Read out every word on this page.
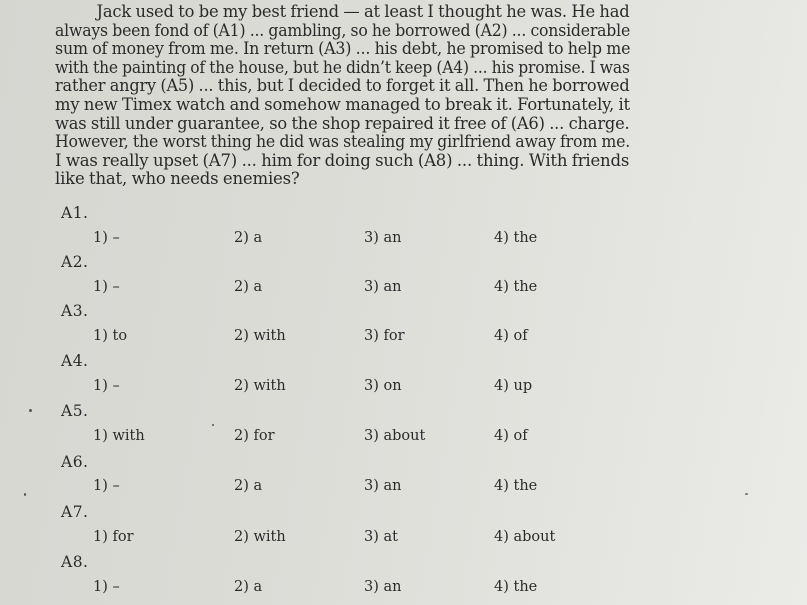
Jack used to be my best friend — at least I thought he was. He had
always been fond of (A1) ... gambling, so he borrowed (A2) ... considerable
sum of money from me. In return (A3) ... his debt, he promised to help me
with the painting of the house, but he didn’t keep (A4) ... his promise. I was
rather angry (A5) ... this, but I decided to forget it all. Then he borrowed
my new Timex watch and somehow managed to break it. Fortunately, it
was still under guarantee, so the shop repaired it free of (A6) ... charge.
However, the worst thing he did was stealing my girlfriend away from me.
I was really upset (A7) ... him for doing such (A8) ... thing. With friends
like that, who needs enemies?
A1.
1) –	2) a	3) an	4) the
A2.
1) –	2) a	3) an	4) the
A3.
1) to	2) with	3) for	4) of
A4.
1) –	2) with	3) on	4) up
A5.
1) with	2) for	3) about	4) of
A6.
1) –	2) a	3) an	4) the
A7.
1) for	2) with	3) at	4) about
A8.
1) –	2) a	3) an	4) the
